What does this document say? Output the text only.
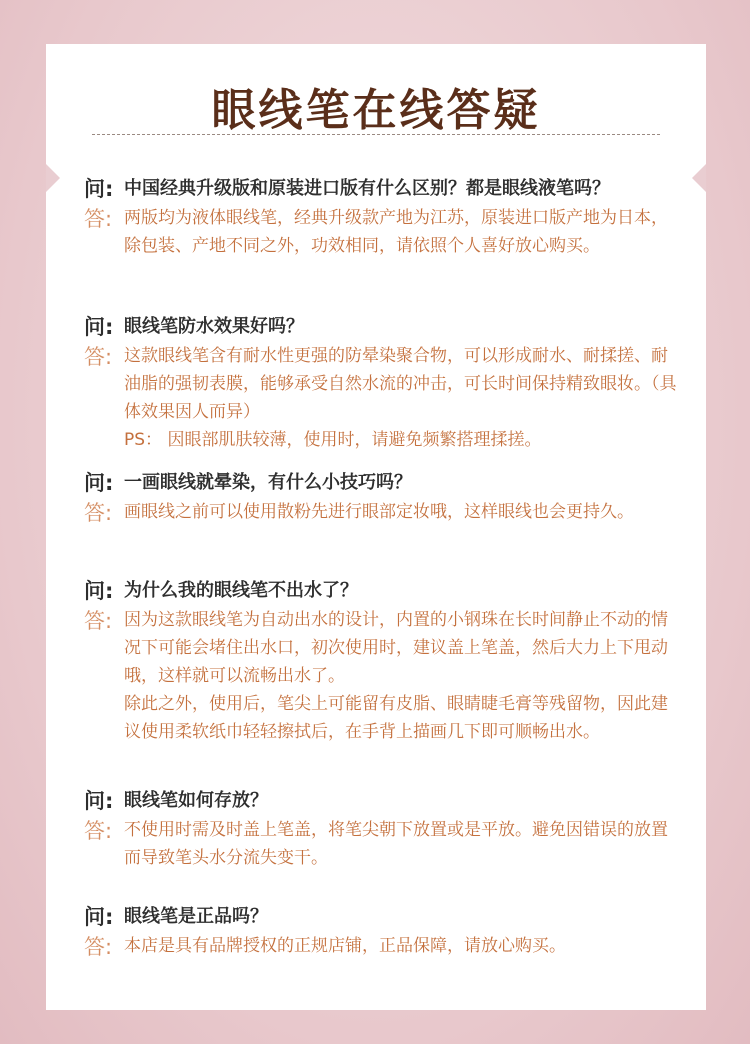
眼线笔在线答疑
问: 中国经典升级版和原装进口版有什么区别？都是眼线液笔吗？
答: 两版均为液体眼线笔，经典升级款产地为江苏，原装进口版产地为日本，除包装、产地不同之外，功效相同，请依照个人喜好放心购买。

问: 眼线笔防水效果好吗？
答: 这款眼线笔含有耐水性更强的防晕染聚合物，可以形成耐水、耐揉搓、耐油脂的强韧表膜，能够承受自然水流的冲击，可长时间保持精致眼妆。（具体效果因人而异）

PS： 因眼部肌肤较薄，使用时，请避免频繁搭理揉搓。

问: 一画眼线就晕染，有什么小技巧吗？
答: 画眼线之前可以使用散粉先进行眼部定妆哦，这样眼线也会更持久。

问: 为什么我的眼线笔不出水了？
答: 因为这款眼线笔为自动出水的设计，内置的小钢珠在长时间静止不动的情况下可能会堵住出水口，初次使用时，建议盖上笔盖，然后大力上下甩动哦，这样就可以流畅出水了。

除此之外，使用后，笔尖上可能留有皮脂、眼睛睫毛膏等残留物，因此建议使用柔软纸巾轻轻擦拭后，在手背上描画几下即可顺畅出水。

问: 眼线笔如何存放？
答: 不使用时需及时盖上笔盖，将笔尖朝下放置或是平放。避免因错误的放置而导致笔头水分流失变干。

问: 眼线笔是正品吗？
答: 本店是具有品牌授权的正规店铺，正品保障，请放心购买。
